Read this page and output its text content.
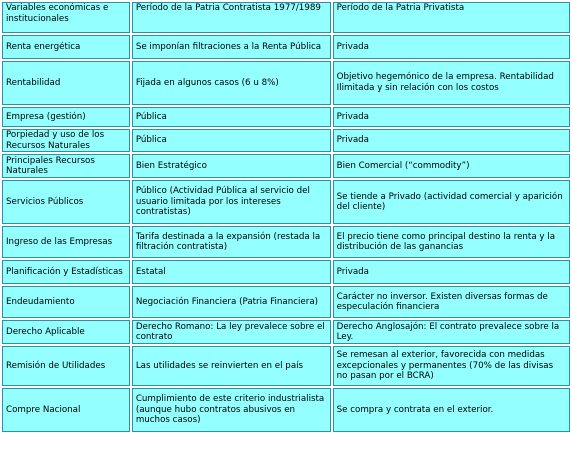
Variables económicas e institucionales	Período de la Patria Contratista 1977/1989	Período de la Patria Privatista
Renta energética	Se imponían filtraciones a la Renta Pública	Privada
Rentabilidad	Fijada en algunos casos (6 u 8%)	Objetivo hegemónico de la empresa. Rentabilidad Ilimitada y sin relación con los costos
Empresa (gestión)	Pública	Privada
Porpiedad y uso de los Recursos Naturales	Pública	Privada
Principales Recursos Naturales	Bien Estratégico	Bien Comercial (“commodity”)
Servicios Públicos	Público (Actividad Pública al servicio del usuario limitada por los intereses contratistas)	Se tiende a Privado (actividad comercial y aparición del cliente)
Ingreso de las Empresas	Tarifa destinada a la expansión (restada la filtración contratista)	El precio tiene como principal destino la renta y la distribución de las ganancias
Planificación y Estadísticas	Estatal	Privada
Endeudamiento	Negociación Financiera (Patria Financiera)	Carácter no inversor. Existen diversas formas de especulación financiera
Derecho Aplicable	Derecho Romano: La ley prevalece sobre el contrato	Derecho Anglosajón: El contrato prevalece sobre la Ley.
Remisión de Utilidades	Las utilidades se reinvierten en el país	Se remesan al exterior, favorecida con medidas excepcionales y permanentes (70% de las divisas no pasan por el BCRA)
Compre Nacional	Cumplimiento de este criterio industrialista (aunque hubo contratos abusivos en muchos casos)	Se compra y contrata en el exterior.
